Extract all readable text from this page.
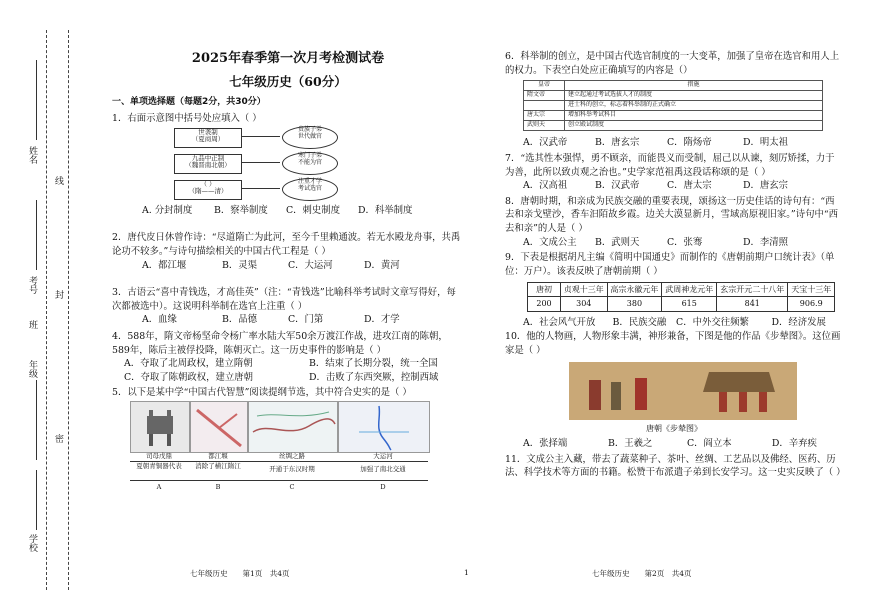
姓名
考号
班
年级
学校
线
封
密
2025年春季第一次月考检测试卷
七年级历史（60分）
一、单项选择题（每题2分，共30分）

1．右面示意图中括号处应填入（ ）

世袭制
（夏商周）
九品中正制
（魏晋南北朝）
（ ）
（隋——清）
贵族子弟
世代做官
寒门子弟
不能为官
注重才学
考试选官
A. 分封制度	B．察举制度	C．刺史制度	D．科举制度

2．唐代皮日休曾作诗：“尽道隋亡为此河，至今千里赖通波。若无水殿龙舟事，共禹论功不较多。”与诗句描绘相关的中国古代工程是（ ）

A．都江堰	B．灵渠	C．大运河	D．黄河

3．古语云“喜中青钱选，才高佳英”（注：“青钱选”比喻科举考试时文章写得好，每次都被选中）。这说明科举制在选官上注重（ ）

A．血缘	B．品德	C．门第	D．才学

4．588年，隋文帝杨坚命令杨广率水陆大军50余万渡江作战，进攻江南的陈朝，589年，陈后主被俘投降，陈朝灭亡。这一历史事件的影响是（ ）

A．夺取了北周政权，建立隋朝	B．结束了长期分裂，统一全国
C．夺取了陈朝政权，建立唐朝	D．击败了东西突厥，控制西域

5．以下是某中学“中国古代智慧”阅读提纲节选，其中符合史实的是（ ）

司母戊鼎	都江堰	丝绸之路	大运河
夏朝青铜器代表	消除了横江隋江	开通于东汉时期	加强了南北交通
A	B	C	D
七年级历史　　第1页　共4页	1

6．科举制的创立，是中国古代选官制度的一大变革，加强了皇帝在选官和用人上的权力。下表空白处应正确填写的内容是（）

皇帝	措施
隋文帝	建立起通过考试选拔人才的制度
	进士科的创立，标志着科举制的正式确立
唐太宗	增加科举考试科目
武则天	创立殿试制度
A．汉武帝	B．唐玄宗	C．隋炀帝	D．明太祖

7．“选其性本强悍，勇不顾亲，而能畏义而受制，屈己以从谏，刻厉矫揉，力于为善，此所以致贞观之治也。”史学家范祖禹这段话称颂的是（ ）

A．汉高祖	B．汉武帝	C．唐太宗	D．唐玄宗

8．唐朝时期，和亲成为民族交融的重要表现，颂扬这一历史佳话的诗句有：“西去和亲戈壁沙，香车汩陌故乡霞。边关大漠显新月，雪域高原视旧家。”诗句中“西去和亲”的人是（ ）

A．文成公主	B．武则天	C．张骞	D．李清照

9．下表是根据胡凡主编《简明中国通史》而制作的《唐朝前期户口统计表》（单位：万户）。该表反映了唐朝前期（ ）

唐初	贞观十三年	高宗永徽元年	武周神龙元年	玄宗开元二十八年	天宝十三年
200	304	380	615	841	906.9
A．社会风气开放	B．民族交融	C．中外交往频繁	D．经济发展

10．他的人物画，人物形象丰满，神形兼备，下图是他的作品《步辇图》。这位画家是（ ）

唐朝《步辇图》
A．张择端	B．王羲之	C．阎立本	D．辛弃疾

11．文成公主入藏，带去了蔬菜种子、茶叶、丝绸、工艺品以及佛经、医药、历法、科学技术等方面的书籍。松赞干布派遣子弟到长安学习。这一史实反映了（ ）

七年级历史　　第2页　共4页
